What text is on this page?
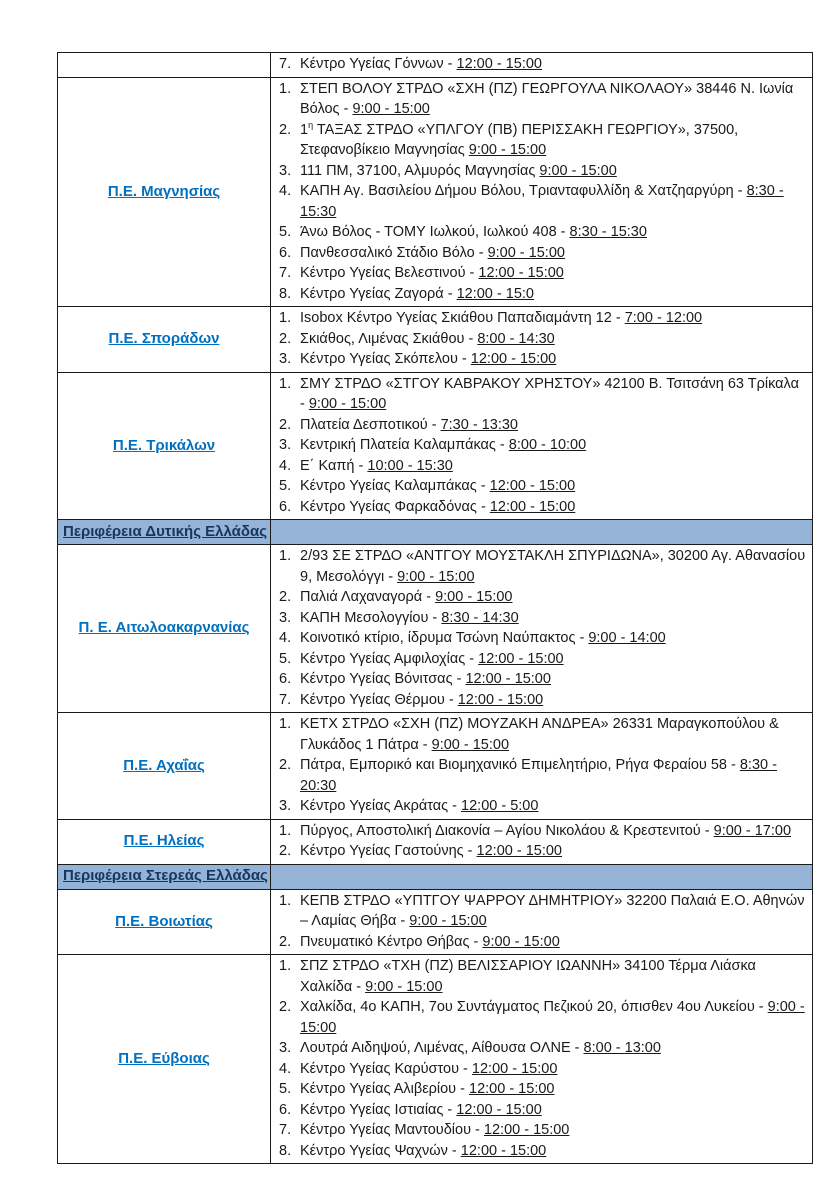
	7. Κέντρο Υγείας Γόννων - 12:00 - 15:00

Π.Ε. Μαγνησίας	
1. ΣΤΕΠ ΒΟΛΟΥ ΣΤΡΔΟ «ΣΧΗ (ΠΖ) ΓΕΩΡΓΟΥΛΑ ΝΙΚΟΛΑΟΥ» 38446 Ν. Ιωνία Βόλος - 9:00 - 15:00
2. $1^\eta$ ΤΑΞΑΣ ΣΤΡΔΟ «ΥΠΛΓΟΥ (ΠΒ) ΠΕΡΙΣΣΑΚΗ ΓΕΩΡΓΙΟΥ», 37500, Στεφανοβίκειο Μαγνησίας 9:00 - 15:00
3. 111 ΠΜ, 37100, Αλμυρός Μαγνησίας 9:00 - 15:00
4. ΚΑΠΗ Αγ. Βασιλείου Δήμου Βόλου, Τριανταφυλλίδη & Χατζηαργύρη - 8:30 - 15:30
5. Άνω Βόλος - ΤΟΜΥ Ιωλκού, Ιωλκού 408 - 8:30 - 15:30
6. Πανθεσσαλικό Στάδιο Βόλο - 9:00 - 15:00
7. Κέντρο Υγείας Βελεστινού - 12:00 - 15:00
8. Κέντρο Υγείας Ζαγορά - 12:00 - 15:0

Π.Ε. Σποράδων	
1. Isobox Κέντρο Υγείας Σκιάθου Παπαδιαμάντη 12 - 7:00 - 12:00
2. Σκιάθος, Λιμένας Σκιάθου - 8:00 - 14:30
3. Κέντρο Υγείας Σκόπελου - 12:00 - 15:00

Π.Ε. Τρικάλων	
1. ΣΜΥ ΣΤΡΔΟ «ΣΤΓΟΥ ΚΑΒΡΑΚΟΥ ΧΡΗΣΤΟΥ» 42100 Β. Τσιτσάνη 63 Τρίκαλα - 9:00 - 15:00
2. Πλατεία Δεσποτικού - 7:30 - 13:30
3. Κεντρική Πλατεία Καλαμπάκας - 8:00 - 10:00
4. Ε΄ Καπή - 10:00 - 15:30
5. Κέντρο Υγείας Καλαμπάκας - 12:00 - 15:00
6. Κέντρο Υγείας Φαρκαδόνας - 12:00 - 15:00

Περιφέρεια Δυτικής Ελλάδας	
Π. Ε. Αιτωλοακαρνανίας	
1. 2/93 ΣΕ ΣΤΡΔΟ «ΑΝΤΓΟΥ ΜΟΥΣΤΑΚΛΗ ΣΠΥΡΙΔΩΝΑ», 30200 Αγ. Αθανασίου 9, Μεσολόγγι - 9:00 - 15:00
2. Παλιά Λαχαναγορά - 9:00 - 15:00
3. ΚΑΠΗ Μεσολογγίου - 8:30 - 14:30
4. Κοινοτικό κτίριο, ίδρυμα Τσώνη Ναύπακτος - 9:00 - 14:00
5. Κέντρο Υγείας Αμφιλοχίας - 12:00 - 15:00
6. Κέντρο Υγείας Βόνιτσας - 12:00 - 15:00
7. Κέντρο Υγείας Θέρμου - 12:00 - 15:00

Π.Ε. Αχαΐας	
1. ΚΕΤΧ ΣΤΡΔΟ «ΣΧΗ (ΠΖ) ΜΟΥΖΑΚΗ ΑΝΔΡΕΑ» 26331 Μαραγκοπούλου & Γλυκάδος 1 Πάτρα - 9:00 - 15:00
2. Πάτρα, Εμπορικό και Βιομηχανικό Επιμελητήριο, Ρήγα Φεραίου 58 - 8:30 - 20:30
3. Κέντρο Υγείας Ακράτας - 12:00 - 5:00

Π.Ε. Ηλείας	1. Πύργος, Αποστολική Διακονία – Αγίου Νικολάου & Κρεστενιτού - 9:00 - 17:00
2. Κέντρο Υγείας Γαστούνης - 12:00 - 15:00

Περιφέρεια Στερεάς Ελλάδας	
Π.Ε. Βοιωτίας	1. ΚΕΠΒ ΣΤΡΔΟ «ΥΠΤΓΟΥ ΨΑΡΡΟΥ ΔΗΜΗΤΡΙΟΥ» 32200 Παλαιά Ε.Ο. Αθηνών – Λαμίας Θήβα - 9:00 - 15:00
2. Πνευματικό Κέντρο Θήβας - 9:00 - 15:00

Π.Ε. Εύβοιας	
1. ΣΠΖ ΣΤΡΔΟ «ΤΧΗ (ΠΖ) ΒΕΛΙΣΣΑΡΙΟΥ ΙΩΑΝΝΗ» 34100 Τέρμα Λιάσκα Χαλκίδα - 9:00 - 15:00
2. Χαλκίδα, 4ο ΚΑΠΗ, 7ου Συντάγματος Πεζικού 20, όπισθεν 4ου Λυκείου - 9:00 - 15:00
3. Λουτρά Αιδηψού, Λιμένας, Αίθουσα ΟΛΝΕ - 8:00 - 13:00
4. Κέντρο Υγείας Καρύστου - 12:00 - 15:00
5. Κέντρο Υγείας Αλιβερίου - 12:00 - 15:00
6. Κέντρο Υγείας Ιστιαίας - 12:00 - 15:00
7. Κέντρο Υγείας Μαντουδίου - 12:00 - 15:00
8. Κέντρο Υγείας Ψαχνών - 12:00 - 15:00
